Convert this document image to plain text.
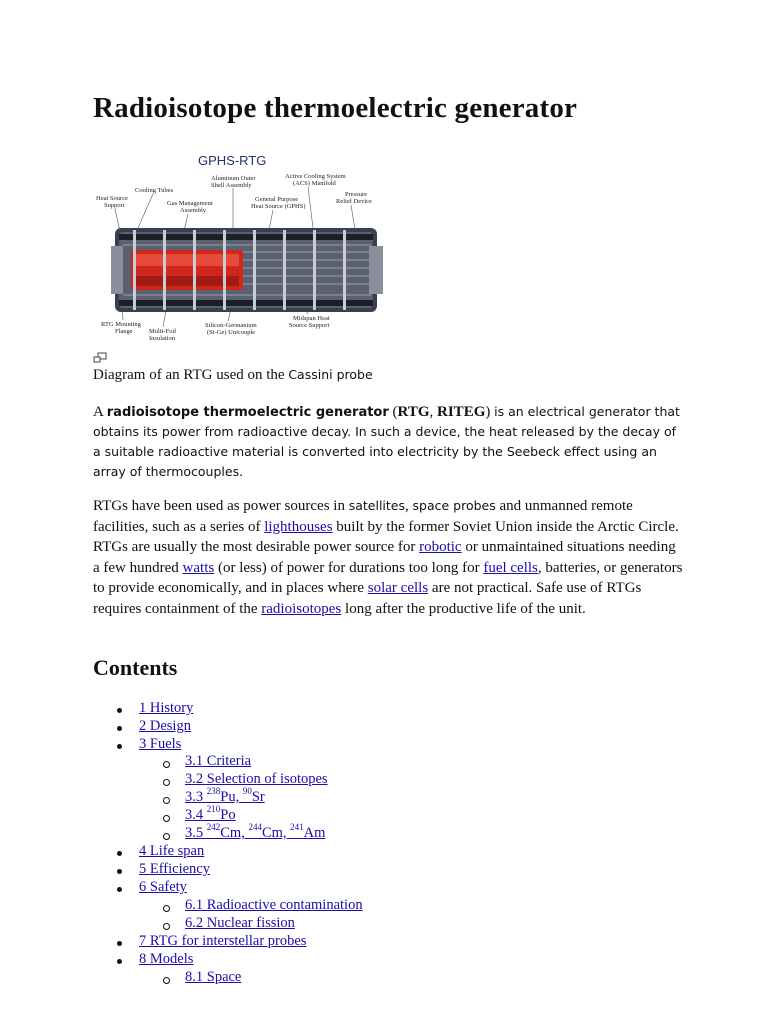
Radioisotope thermoelectric generator
GPHS-RTG
Aluminum Outer
Shell Assembly
Active Cooling System
(ACS) Manifold
Cooling Tubes
Pressure
Relief Device
Heat Source
Support	Gas Management
Assembly
General Purpose
Heat Source (GPHS)
RTG Mounting
Flange	Multi-Foil
Insulation
Silicon-Germanium
(Si-Ge) Unicouple
Midspan Heat
Source Support
Diagram of an RTG used on the Cassini probe
A radioisotope thermoelectric generator (RTG, RITEG) is an electrical generator that obtains its power from radioactive decay. In such a device, the heat released by the decay of a suitable radioactive material is converted into electricity by the Seebeck effect using an array of thermocouples.
RTGs have been used as power sources in satellites, space probes and unmanned remote facilities, such as a series of lighthouses built by the former Soviet Union inside the Arctic Circle. RTGs are usually the most desirable power source for robotic or unmaintained situations needing a few hundred watts (or less) of power for durations too long for fuel cells, batteries, or generators to provide economically, and in places where solar cells are not practical. Safe use of RTGs requires containment of the radioisotopes long after the productive life of the unit.
Contents
1 History
2 Design
3 Fuels
3.1 Criteria
3.2 Selection of isotopes
3.3 $^{238}$Pu, $^{90}$Sr
3.4 $^{210}$Po
3.5 $^{242}$Cm, $^{244}$Cm, $^{241}$Am
4 Life span
5 Efficiency
6 Safety
6.1 Radioactive contamination
6.2 Nuclear fission
7 RTG for interstellar probes
8 Models
8.1 Space
